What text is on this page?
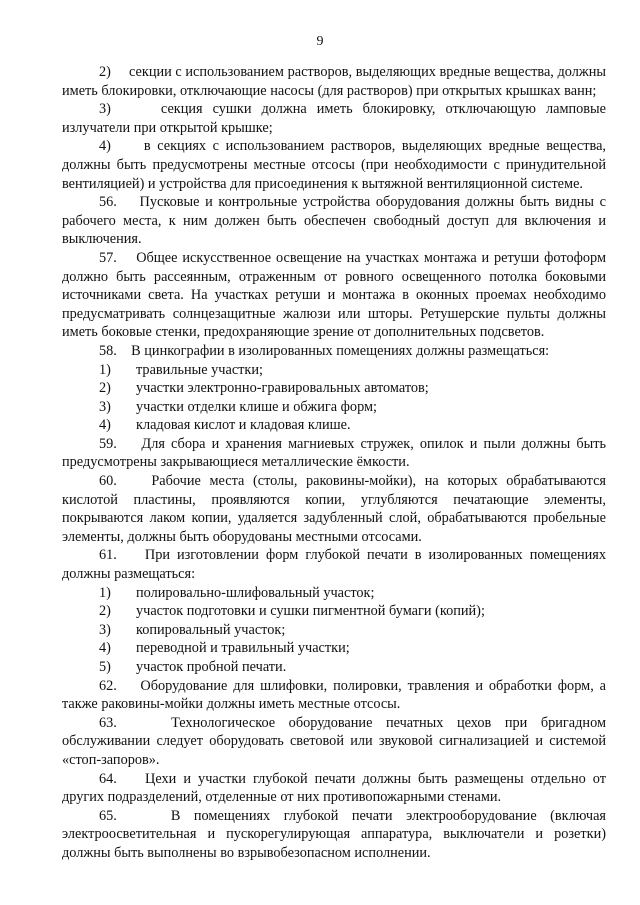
9

2)     секции с использованием растворов, выделяющих вредные вещества, должны иметь блокировки, отключающие насосы (для растворов) при открытых крышках ванн;

3)     секция сушки должна иметь блокировку, отключающую ламповые излучатели при открытой крышке;

4)     в секциях с использованием растворов, выделяющих вредные вещества, должны быть предусмотрены местные отсосы (при необходимости с принудительной вентиляцией) и устройства для присоединения к вытяжной вентиляционной системе.

56.    Пусковые и контрольные устройства оборудования должны быть видны с рабочего места, к ним должен быть обеспечен свободный доступ для включения и выключения.

57.    Общее искусственное освещение на участках монтажа и ретуши фотоформ должно быть рассеянным, отраженным от ровного освещенного потолка боковыми источниками света. На участках ретуши и монтажа в оконных проемах необходимо предусматривать солнцезащитные жалюзи или шторы. Ретушерские пульты должны иметь боковые стенки, предохраняющие зрение от дополнительных подсветов.

58.    В цинкографии в изолированных помещениях должны размещаться:

1)	травильные участки;
2)	участки электронно-гравировальных автоматов;
3)	участки отделки клише и обжига форм;
4)	кладовая кислот и кладовая клише.

59.    Для сбора и хранения магниевых стружек, опилок и пыли должны быть предусмотрены закрывающиеся металлические ёмкости.

60.    Рабочие места (столы, раковины-мойки), на которых обрабатываются кислотой пластины, проявляются копии, углубляются печатающие элементы, покрываются лаком копии, удаляется задубленный слой, обрабатываются пробельные элементы, должны быть оборудованы местными отсосами.

61.    При изготовлении форм глубокой печати в изолированных помещениях должны размещаться:

1)	полировально-шлифовальный участок;
2)	участок подготовки и сушки пигментной бумаги (копий);
3)	копировальный участок;
4)	переводной и травильный участки;
5)	участок пробной печати.

62.    Оборудование для шлифовки, полировки, травления и обработки форм, а также раковины-мойки должны иметь местные отсосы.

63.    Технологическое оборудование печатных цехов при бригадном обслуживании следует оборудовать световой или звуковой сигнализацией и системой «стоп-запоров».

64.    Цехи и участки глубокой печати должны быть размещены отдельно от других подразделений, отделенные от них противопожарными стенами.

65.    В помещениях глубокой печати электрооборудование (включая электроосветительная и пускорегулирующая аппаратура, выключатели и розетки) должны быть выполнены во взрывобезопасном исполнении.
